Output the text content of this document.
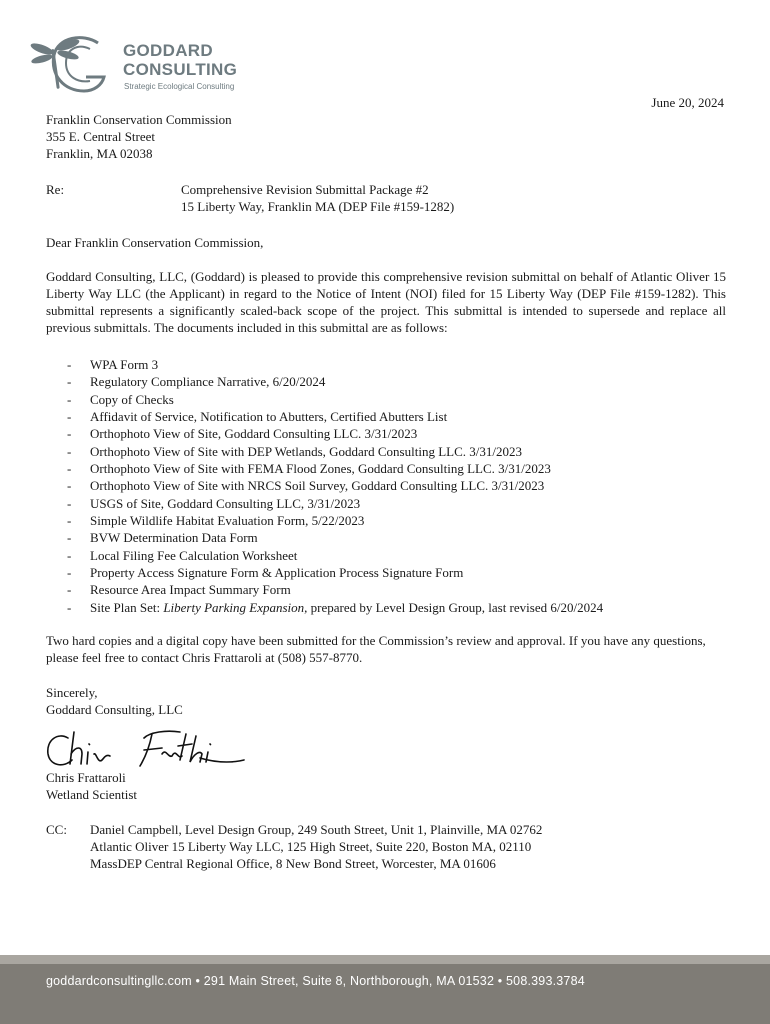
GODDARD
CONSULTING
Strategic Ecological Consulting
June 20, 2024
Franklin Conservation Commission
355 E. Central Street
Franklin, MA 02038
Re:	Comprehensive Revision Submittal Package #2
15 Liberty Way, Franklin MA (DEP File #159-1282)
Dear Franklin Conservation Commission,
Goddard Consulting, LLC, (Goddard) is pleased to provide this comprehensive revision submittal on behalf of Atlantic Oliver 15 Liberty Way LLC (the Applicant) in regard to the Notice of Intent (NOI) filed for 15 Liberty Way (DEP File #159-1282). This submittal represents a significantly scaled-back scope of the project. This submittal is intended to supersede and replace all previous submittals. The documents included in this submittal are as follows:
- WPA Form 3
- Regulatory Compliance Narrative, 6/20/2024
- Copy of Checks
- Affidavit of Service, Notification to Abutters, Certified Abutters List
- Orthophoto View of Site, Goddard Consulting LLC. 3/31/2023
- Orthophoto View of Site with DEP Wetlands, Goddard Consulting LLC. 3/31/2023
- Orthophoto View of Site with FEMA Flood Zones, Goddard Consulting LLC. 3/31/2023
- Orthophoto View of Site with NRCS Soil Survey, Goddard Consulting LLC. 3/31/2023
- USGS of Site, Goddard Consulting LLC, 3/31/2023
- Simple Wildlife Habitat Evaluation Form, 5/22/2023
- BVW Determination Data Form
- Local Filing Fee Calculation Worksheet
- Property Access Signature Form & Application Process Signature Form
- Resource Area Impact Summary Form
- Site Plan Set: Liberty Parking Expansion, prepared by Level Design Group, last revised 6/20/2024
Two hard copies and a digital copy have been submitted for the Commission’s review and approval. If you have any questions, please feel free to contact Chris Frattaroli at (508) 557-8770.
Sincerely,
Goddard Consulting, LLC
Chris Frattaroli
Wetland Scientist
CC: Daniel Campbell, Level Design Group, 249 South Street, Unit 1, Plainville, MA 02762
Atlantic Oliver 15 Liberty Way LLC, 125 High Street, Suite 220, Boston MA, 02110
MassDEP Central Regional Office, 8 New Bond Street, Worcester, MA 01606
goddardconsultingllc.com • 291 Main Street, Suite 8, Northborough, MA 01532 • 508.393.3784
